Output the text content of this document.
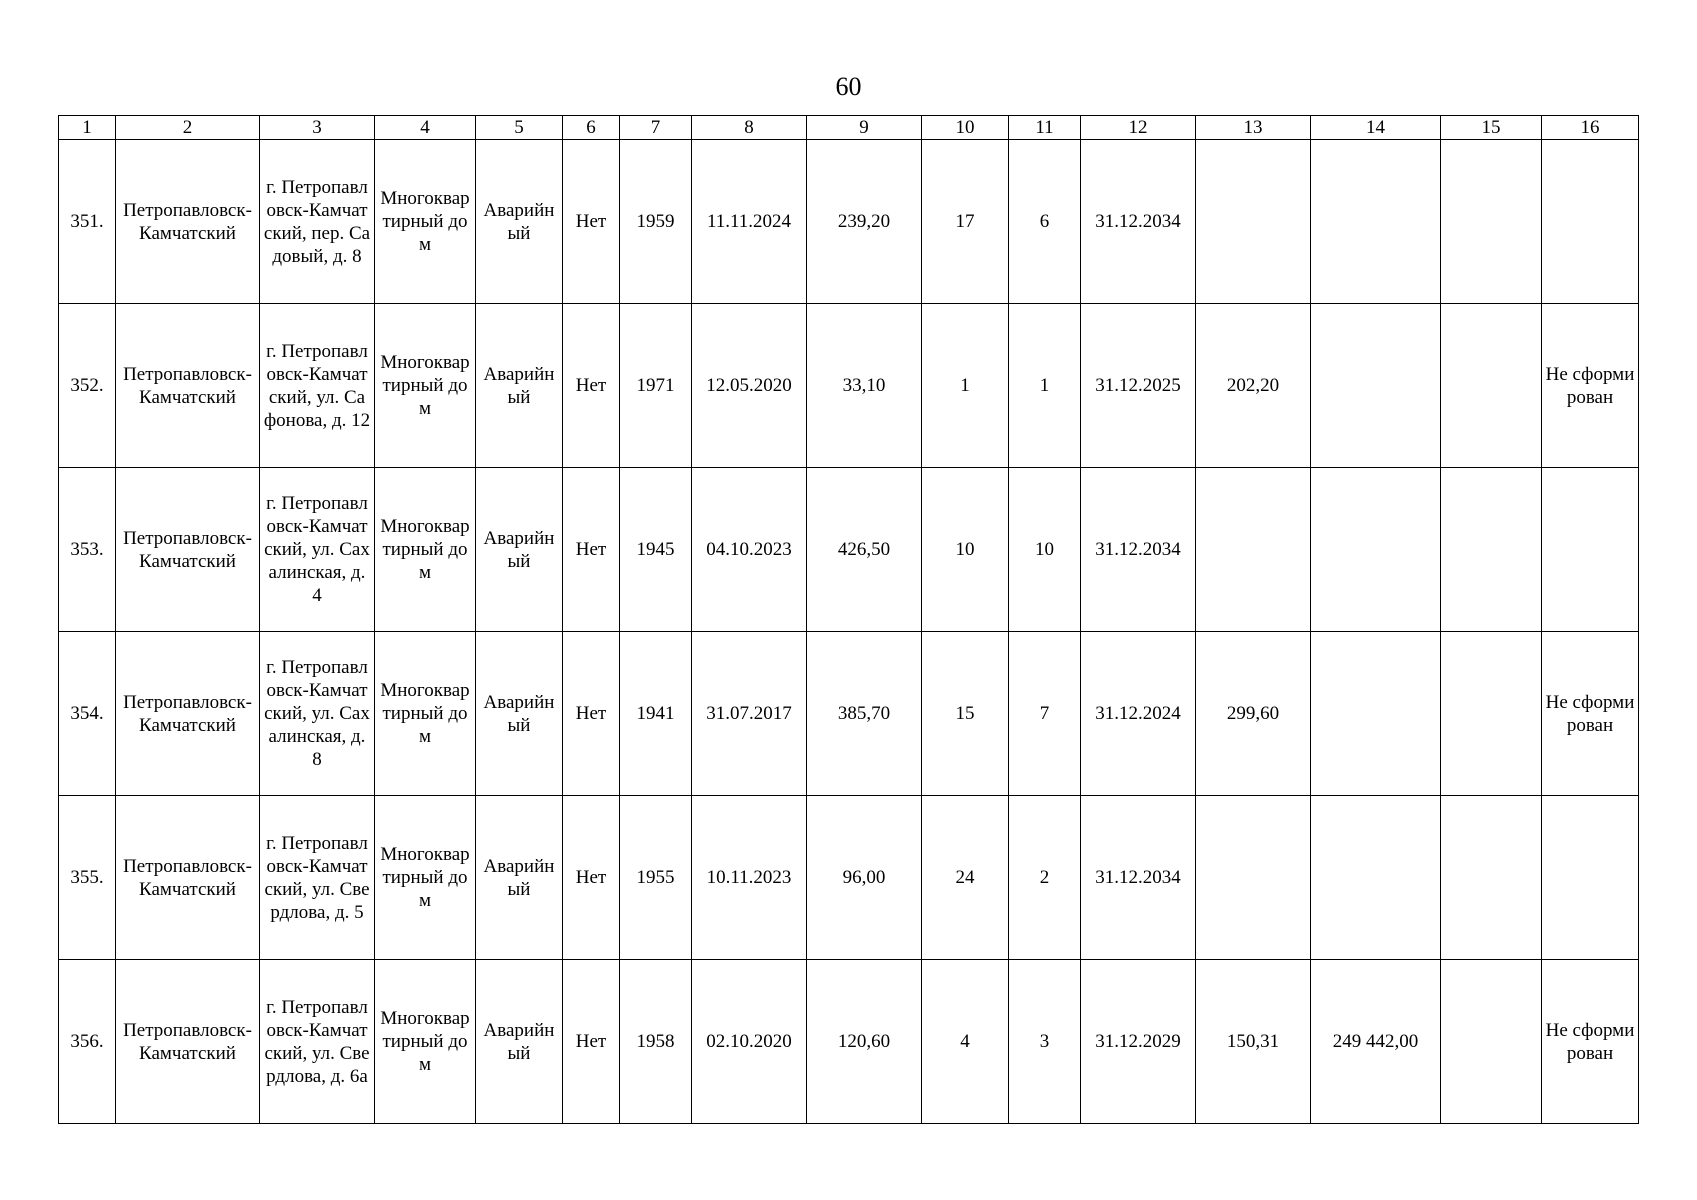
60
1	2	3	4	5	6	7	8	9	10	11	12	13	14	15	16
351.	Петропавловск-Камчатский	г. Петропавловск-Камчатский, пер. Садовый, д. 8	Многоквартирный дом	Аварийный	Нет	1959	11.11.2024	239,20	17	6	31.12.2034				
352.	Петропавловск-Камчатский	г. Петропавловск-Камчатский, ул. Сафонова, д. 12	Многоквартирный дом	Аварийный	Нет	1971	12.05.2020	33,10	1	1	31.12.2025	202,20			Не сформирован
353.	Петропавловск-Камчатский	г. Петропавловск-Камчатский, ул. Сахалинская, д. 4	Многоквартирный дом	Аварийный	Нет	1945	04.10.2023	426,50	10	10	31.12.2034				
354.	Петропавловск-Камчатский	г. Петропавловск-Камчатский, ул. Сахалинская, д. 8	Многоквартирный дом	Аварийный	Нет	1941	31.07.2017	385,70	15	7	31.12.2024	299,60			Не сформирован
355.	Петропавловск-Камчатский	г. Петропавловск-Камчатский, ул. Свердлова, д. 5	Многоквартирный дом	Аварийный	Нет	1955	10.11.2023	96,00	24	2	31.12.2034				
356.	Петропавловск-Камчатский	г. Петропавловск-Камчатский, ул. Свердлова, д. 6а	Многоквартирный дом	Аварийный	Нет	1958	02.10.2020	120,60	4	3	31.12.2029	150,31	249 442,00		Не сформирован
